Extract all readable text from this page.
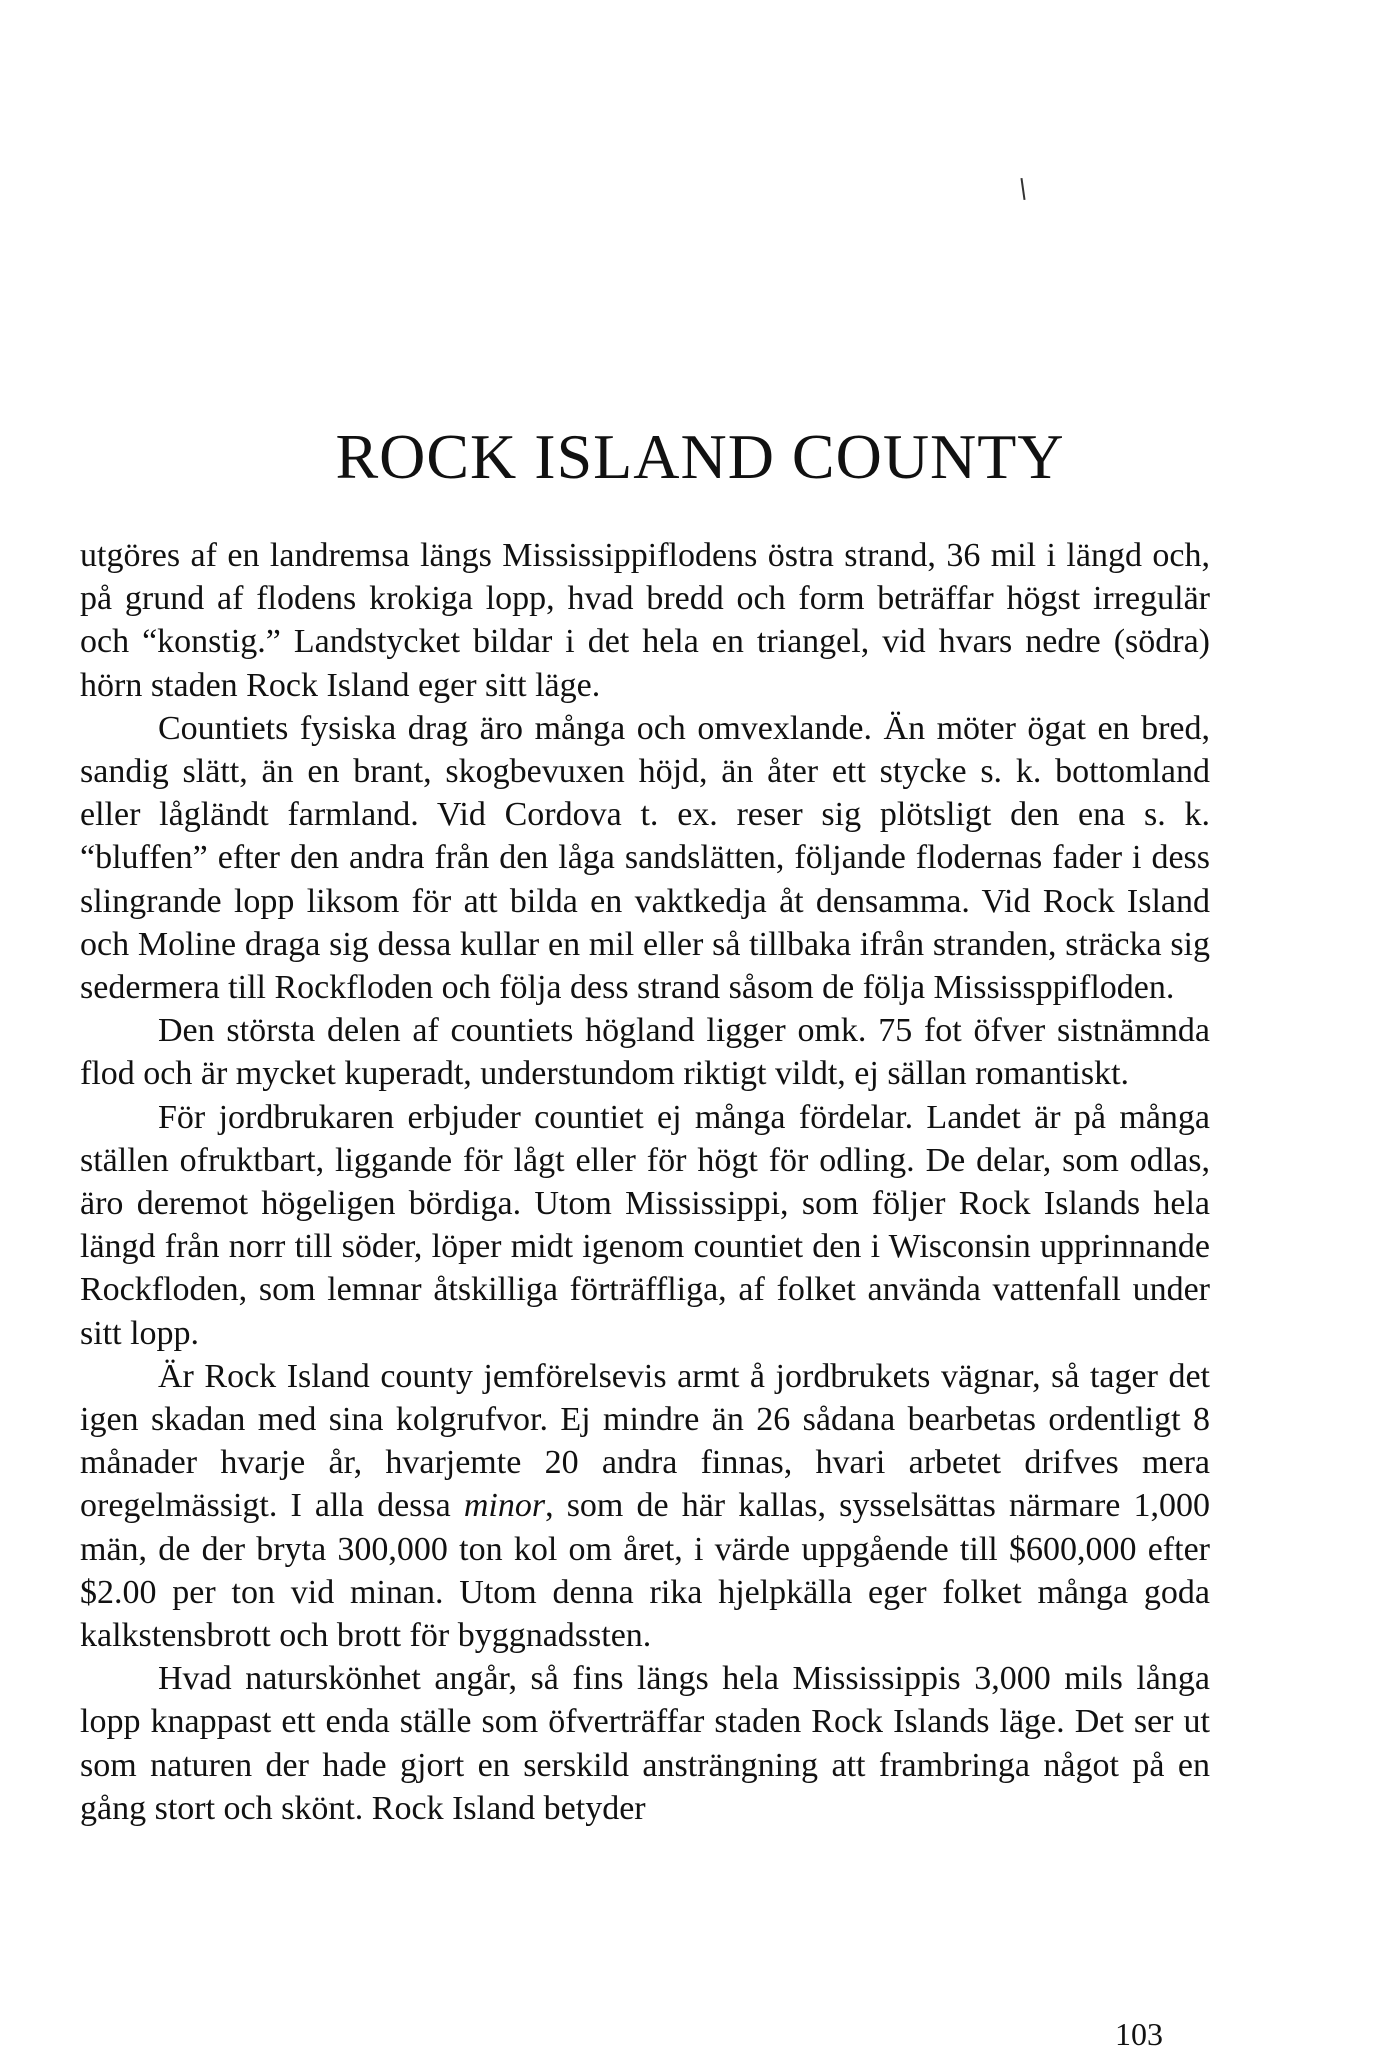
ROCK ISLAND COUNTY

utgöres af en landremsa längs Mississippiflodens östra strand, 36 mil i längd och, på grund af flodens krokiga lopp, hvad bredd och form beträffar högst irregulär och “konstig.” Landstycket bildar i det hela en triangel, vid hvars nedre (södra) hörn staden Rock Island eger sitt läge.

Countiets fysiska drag äro många och omvexlande. Än möter ögat en bred, sandig slätt, än en brant, skogbevuxen höjd, än åter ett stycke s. k. bottomland eller lågländt farmland. Vid Cordova t. ex. reser sig plötsligt den ena s. k. “bluffen” efter den andra från den låga sandslätten, följande flodernas fader i dess slingrande lopp liksom för att bilda en vaktkedja åt densamma. Vid Rock Island och Moline draga sig dessa kullar en mil eller så tillbaka ifrån stranden, sträcka sig sedermera till Rockfloden och följa dess strand såsom de följa Mississppifloden.

Den största delen af countiets högland ligger omk. 75 fot öfver sistnämnda flod och är mycket kuperadt, understundom riktigt vildt, ej sällan romantiskt.

För jordbrukaren erbjuder countiet ej många fördelar. Landet är på många ställen ofruktbart, liggande för lågt eller för högt för odling. De delar, som odlas, äro deremot högeligen bördiga. Utom Mississippi, som följer Rock Islands hela längd från norr till söder, löper midt igenom countiet den i Wisconsin upprinnande Rockfloden, som lemnar åtskilliga förträffliga, af folket använda vattenfall under sitt lopp.

Är Rock Island county jemförelsevis armt å jordbrukets vägnar, så tager det igen skadan med sina kolgrufvor. Ej mindre än 26 sådana bearbetas ordentligt 8 månader hvarje år, hvarjemte 20 andra finnas, hvari arbetet drifves mera oregelmässigt. I alla dessa minor, som de här kallas, sysselsättas närmare 1,000 män, de der bryta 300,000 ton kol om året, i värde uppgående till $600,000 efter $2.00 per ton vid minan. Utom denna rika hjelpkälla eger folket många goda kalkstensbrott och brott för byggnadssten.

Hvad naturskönhet angår, så fins längs hela Mississippis 3,000 mils långa lopp knappast ett enda ställe som öfverträffar staden Rock Islands läge. Det ser ut som naturen der hade gjort en serskild ansträngning att frambringa något på en gång stort och skönt. Rock Island betyder

103
